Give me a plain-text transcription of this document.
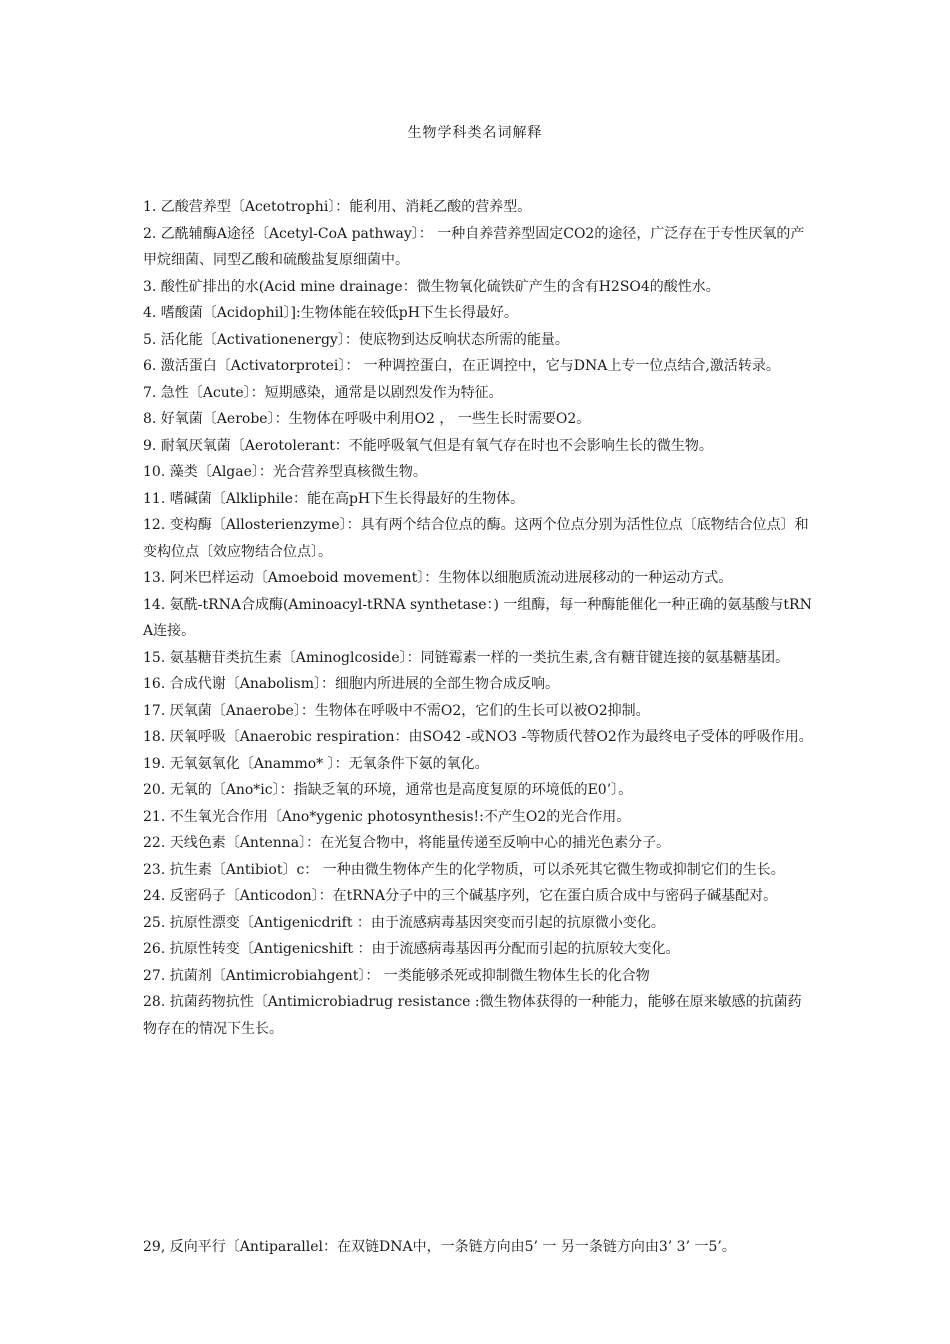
生物学科类名词解释

1. 乙酸营养型〔Acetotrophi〕：能利用、消耗乙酸的营养型。

2. 乙酰辅酶A途径〔Acetyl-CoA pathway〕： 一种自养营养型固定CO2的途径，广泛存在于专性厌氧的产甲烷细菌、同型乙酸和硫酸盐复原细菌中。

3. 酸性矿排出的水(Acid mine drainage：微生物氧化硫铁矿产生的含有H2SO4的酸性水。

4. 嗜酸菌〔Acidophil〕]:生物体能在较低pH下生长得最好。

5. 活化能〔Activationenergy〕：使底物到达反响状态所需的能量。

6. 激活蛋白〔Activatorprotei〕： 一种调控蛋白，在正调控中，它与DNA上专一位点结合,激活转录。

7. 急性〔Acute〕：短期感染，通常是以剧烈发作为特征。

8. 好氧菌〔Aerobe〕：生物体在呼吸中利用O2 ， 一些生长时需要O2。

9. 耐氧厌氧菌〔Aerotolerant：不能呼吸氧气但是有氧气存在时也不会影响生长的微生物。

10. 藻类〔Algae〕：光合营养型真核微生物。

11. 嗜碱菌〔Alkliphile：能在高pH下生长得最好的生物体。

12. 变构酶〔Allosterienzyme〕：具有两个结合位点的酶。这两个位点分别为活性位点〔底物结合位点〕和变构位点〔效应物结合位点〕。

13. 阿米巴样运动〔Amoeboid movement〕：生物体以细胞质流动进展移动的一种运动方式。

14. 氨酰-tRNA合成酶(Aminoacyl-tRNA synthetase：) 一组酶，每一种酶能催化一种正确的氨基酸与tRNA连接。

15. 氨基糖苷类抗生素〔Aminoglcoside〕：同链霉素一样的一类抗生素,含有糖苷键连接的氨基糖基团。

16. 合成代谢〔Anabolism〕：细胞内所进展的全部生物合成反响。

17. 厌氧菌〔Anaerobe〕：生物体在呼吸中不需O2，它们的生长可以被O2抑制。

18. 厌氧呼吸〔Anaerobic respiration：由SO42 -或NO3 -等物质代替O2作为最终电子受体的呼吸作用。

19. 无氧氨氧化〔Anammo* 〕：无氧条件下氨的氧化。

20. 无氧的〔Ano*ic〕：指缺乏氧的环境，通常也是高度复原的环境低的E0’〕。

21. 不生氧光合作用〔Ano*ygenic photosynthesis!:不产生O2的光合作用。

22. 天线色素〔Antenna〕：在光复合物中，将能量传递至反响中心的捕光色素分子。

23. 抗生素〔Antibiot〕c： 一种由微生物体产生的化学物质，可以杀死其它微生物或抑制它们的生长。

24. 反密码子〔Anticodon〕：在tRNA分子中的三个碱基序列，它在蛋白质合成中与密码子碱基配对。

25. 抗原性漂变〔Antigenicdrift ：由于流感病毒基因突变而引起的抗原微小变化。

26. 抗原性转变〔Antigenicshift ：由于流感病毒基因再分配而引起的抗原较大变化。

27. 抗菌剂〔Antimicrobiahgent〕： 一类能够杀死或抑制微生物体生长的化合物

28. 抗菌药物抗性〔Antimicrobiadrug resistance :微生物体获得的一种能力，能够在原来敏感的抗菌药物存在的情况下生长。

29, 反向平行〔Antiparallel：在双链DNA中，一条链方向由5’ 一 另一条链方向由3’ 3’ 一5’。
